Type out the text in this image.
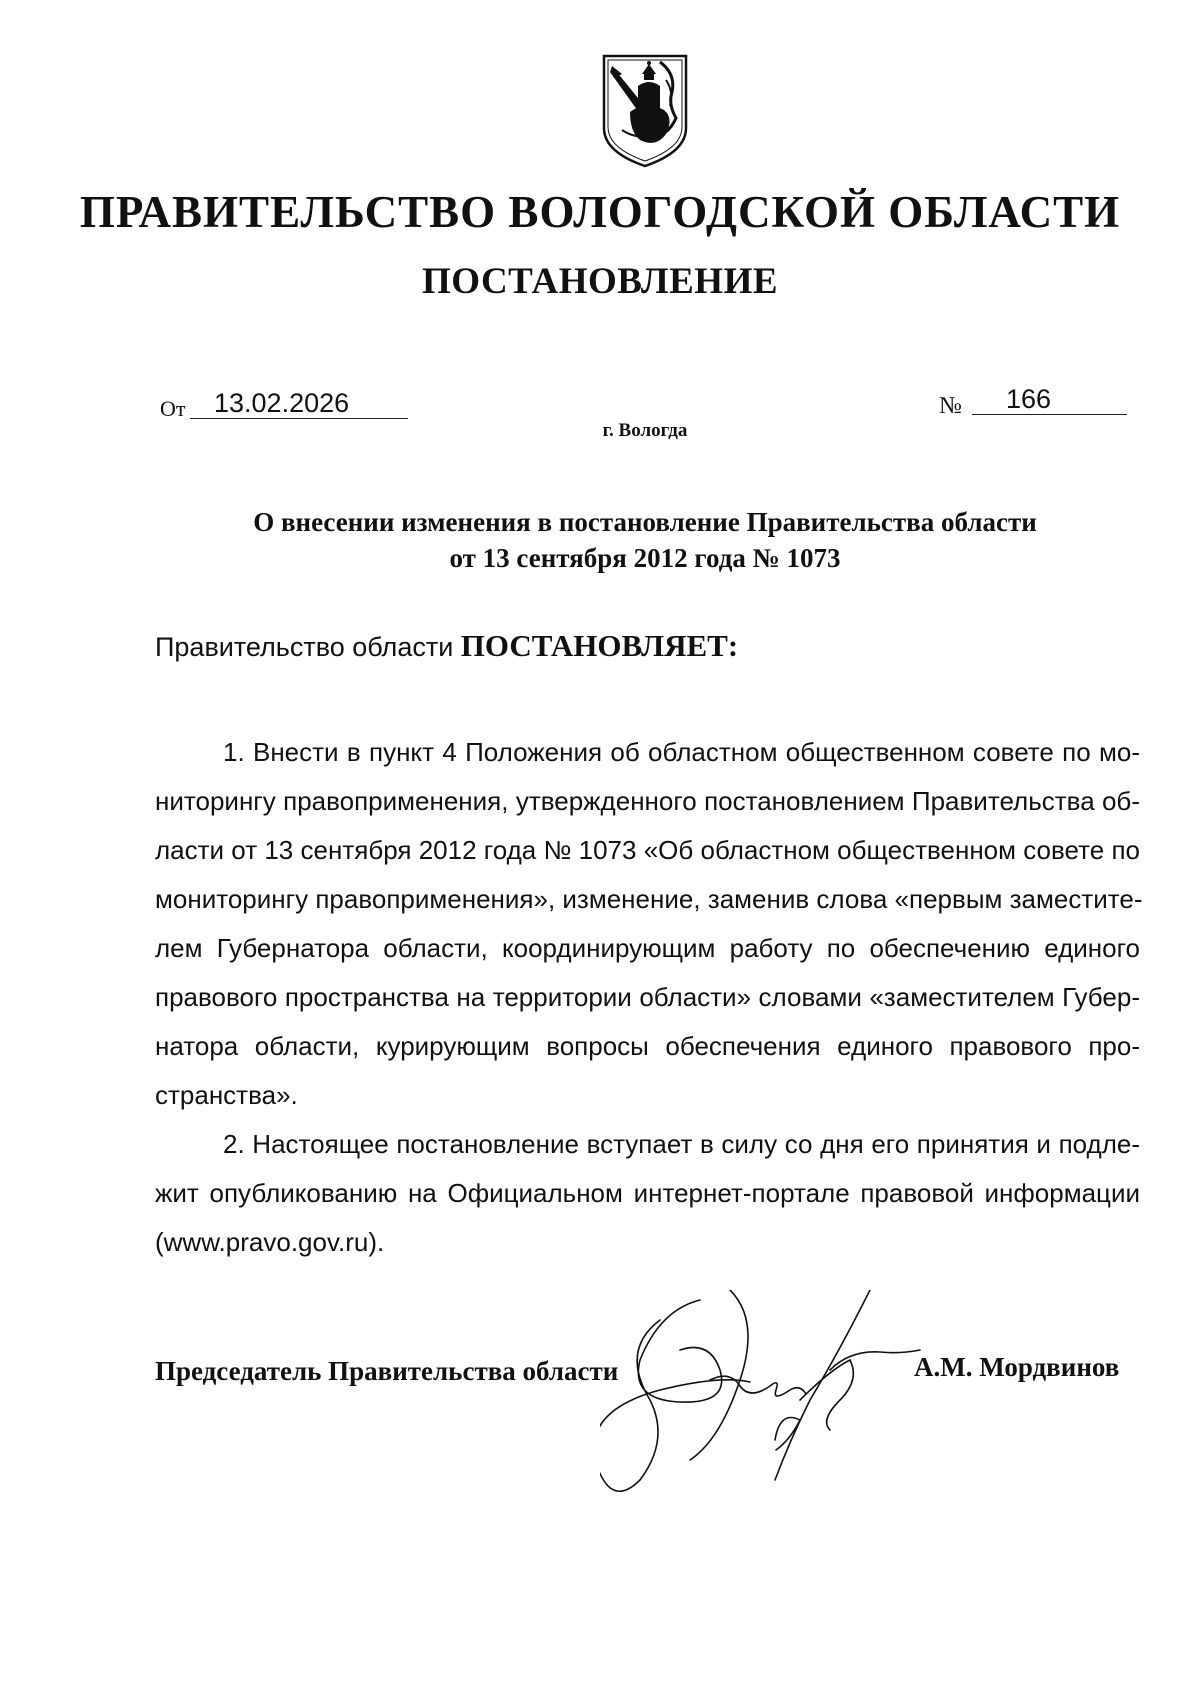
ПРАВИТЕЛЬСТВО ВОЛОГОДСКОЙ ОБЛАСТИ
ПОСТАНОВЛЕНИЕ
От	13.02.2026	№	166
г. Вологда
О внесении изменения в постановление Правительства области
от 13 сентября 2012 года № 1073
Правительство области ПОСТАНОВЛЯЕТ:
1. Внести в пункт 4 Положения об областном общественном совете по мо-
ниторингу правоприменения, утвержденного постановлением Правительства об-
ласти от 13 сентября 2012 года № 1073 «Об областном общественном совете по
мониторингу правоприменения», изменение, заменив слова «первым заместите-
лем Губернатора области, координирующим работу по обеспечению единого
правового пространства на территории области» словами «заместителем Губер-
натора области, курирующим вопросы обеспечения единого правового про-
странства».
2. Настоящее постановление вступает в силу со дня его принятия и подле-
жит опубликованию на Официальном интернет-портале правовой информации
(www.pravo.gov.ru).
Председатель Правительства области	А.М. Мордвинов
